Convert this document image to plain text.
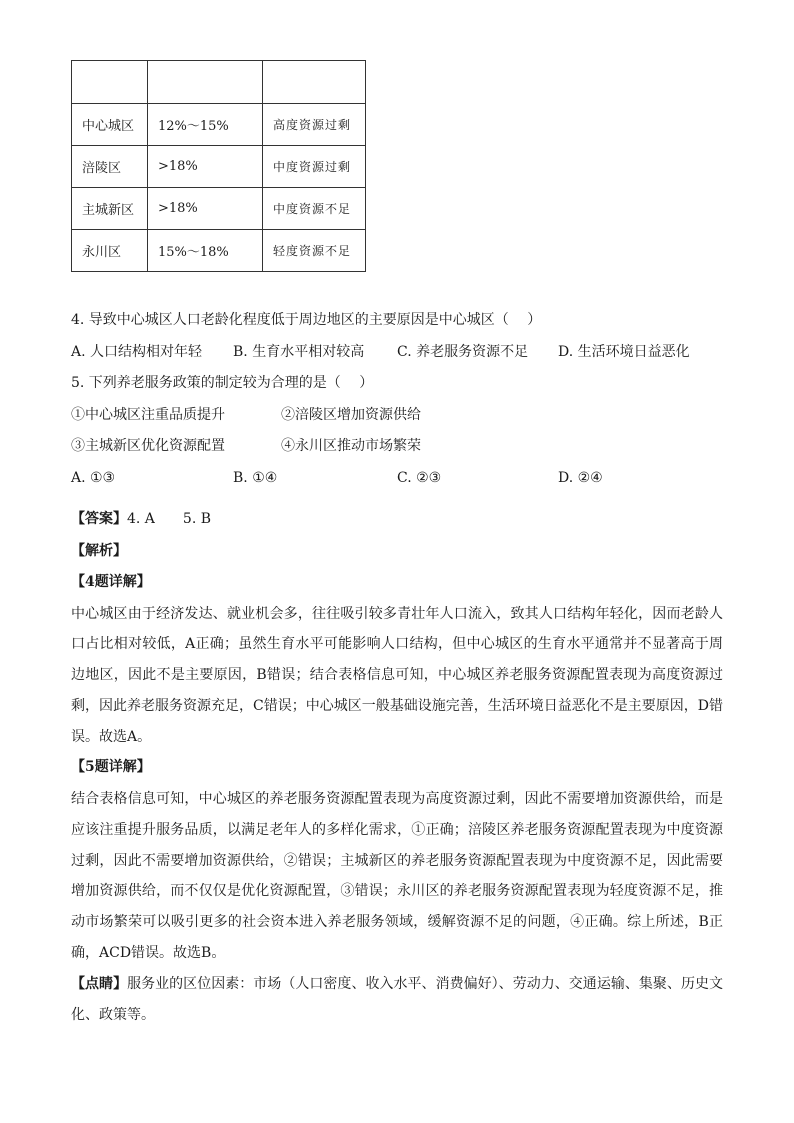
中心城区	12%～15%	高度资源过剩
涪陵区	>18%	中度资源过剩
主城新区	>18%	中度资源不足
永川区	15%～18%	轻度资源不足
4. 导致中心城区人口老龄化程度低于周边地区的主要原因是中心城区（　 ）
A. 人口结构相对年轻	B. 生育水平相对较高	C. 养老服务资源不足	D. 生活环境日益恶化
5. 下列养老服务政策的制定较为合理的是（　 ）
①中心城区注重品质提升	②涪陵区增加资源供给
③主城新区优化资源配置	④永川区推动市场繁荣
A. ①③	B. ①④	C. ②③	D. ②④
【答案】4. A　　5. B
【解析】
【4题详解】
中心城区由于经济发达、就业机会多，往往吸引较多青壮年人口流入，致其人口结构年轻化，因而老龄人口占比相对较低，A正确；虽然生育水平可能影响人口结构，但中心城区的生育水平通常并不显著高于周边地区，因此不是主要原因，B错误；结合表格信息可知，中心城区养老服务资源配置表现为高度资源过剩，因此养老服务资源充足，C错误；中心城区一般基础设施完善，生活环境日益恶化不是主要原因，D错误。故选A。
【5题详解】
结合表格信息可知，中心城区的养老服务资源配置表现为高度资源过剩，因此不需要增加资源供给，而是应该注重提升服务品质，以满足老年人的多样化需求，①正确；涪陵区养老服务资源配置表现为中度资源过剩，因此不需要增加资源供给，②错误；主城新区的养老服务资源配置表现为中度资源不足，因此需要增加资源供给，而不仅仅是优化资源配置，③错误；永川区的养老服务资源配置表现为轻度资源不足，推动市场繁荣可以吸引更多的社会资本进入养老服务领域，缓解资源不足的问题，④正确。综上所述，B正确，ACD错误。故选B。
【点睛】服务业的区位因素：市场（人口密度、收入水平、消费偏好）、劳动力、交通运输、集聚、历史文化、政策等。
